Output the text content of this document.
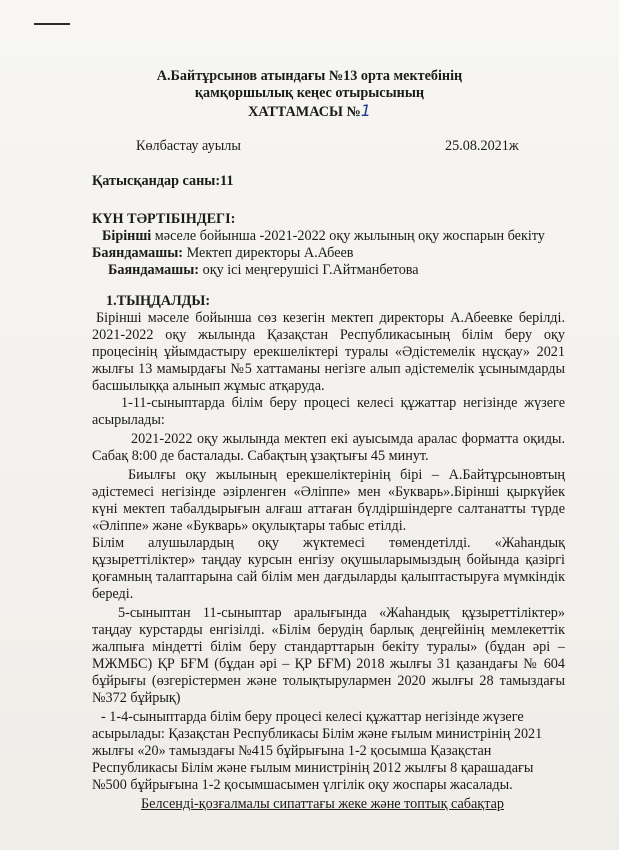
А.Байтұрсынов атындағы №13 орта мектебінің
қамқоршылық кеңес отырысының
ХАТТАМАСЫ №1
Көлбастау ауылы	25.08.2021ж
Қатысқандар саны:11
КҮН ТӘРТІБІНДЕГІ:
Бірінші мәселе бойынша -2021-2022 оқу жылының оқу жоспарын бекіту
Баяндамашы: Мектеп директоры А.Абеев
Баяндамашы: оқу ісі меңгерушісі Г.Айтманбетова
1.ТЫҢДАЛДЫ:
Бірінші мәселе бойынша сөз кезегін мектеп директоры А.Абеевке берілді.
2021-2022 оқу жылында Қазақстан Республикасының білім беру оқу
процесінің ұйымдастыру ерекшеліктері туралы «Әдістемелік нұсқау» 2021
жылғы 13 мамырдағы №5 хаттаманы негізге алып әдістемелік ұсынымдарды
басшылыққа алынып жұмыс атқаруда.
1-11-сыныптарда білім беру процесі келесі құжаттар негізінде жүзеге
асырылады:
2021-2022 оқу жылында мектеп екі ауысымда аралас форматта оқиды.
Сабақ 8:00 де басталады. Сабақтың ұзақтығы 45 минут.
Биылғы оқу жылының ерекшеліктерінің бірі – А.Байтұрсыновтың
әдістемесі негізінде әзірленген «Әліппе» мен «Букварь».Бірінші қыркүйек
күні мектеп табалдырығын алғаш аттаған бүлдіршіндерге салтанатты түрде
«Әліппе» және «Букварь» оқулықтары табыс етілді.
Білім алушылардың оқу жүктемесі төмендетілді. «Жаһандық
құзыреттіліктер» таңдау курсын енгізу оқушыларымыздың бойында қазіргі
қоғамның талаптарына сай білім мен дағдыларды қалыптастыруға мүмкіндік
береді.
5-сыныптан 11-сыныптар аралығында «Жаһандық құзыреттіліктер»
таңдау курстарды енгізілді. «Білім берудің барлық деңгейінің мемлекеттік
жалпыға міндетті білім беру стандарттарын бекіту туралы» (бұдан әрі –
МЖМБС) ҚР БҒМ (бұдан әрі – ҚР БҒМ) 2018 жылғы 31 қазандағы № 604
бұйрығы (өзгерістермен және толықтырулармен 2020 жылғы 28 тамыздағы
№372 бұйрық)
- 1-4-сыныптарда білім беру процесі келесі құжаттар негізінде жүзеге
асырылады: Қазақстан Республикасы Білім және ғылым министрінің 2021
жылғы «20» тамыздағы №415 бұйрығына 1-2 қосымша Қазақстан
Республикасы Білім және ғылым министрінің 2012 жылғы 8 қарашадағы
№500 бұйрығына 1-2 қосымшасымен үлгілік оқу жоспары жасалады.
Белсенді-қозғалмалы сипаттағы жеке және топтық сабақтар
